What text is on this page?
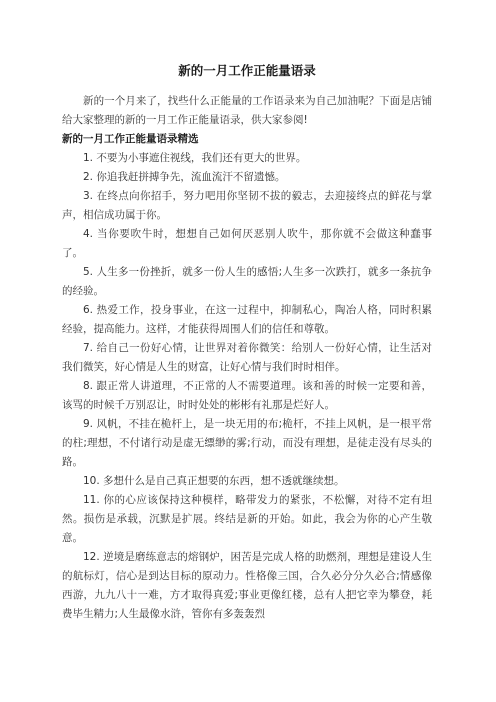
新的一月工作正能量语录

新的一个月来了，找些什么正能量的工作语录来为自己加油呢？下面是店铺给大家整理的新的一月工作正能量语录，供大家参阅!

新的一月工作正能量语录精选

1. 不要为小事遮住视线，我们还有更大的世界。

2. 你追我赶拼搏争先，流血流汗不留遗憾。

3. 在终点向你招手，努力吧用你坚韧不拔的毅志，去迎接终点的鲜花与掌声，相信成功属于你。

4. 当你要吹牛时，想想自己如何厌恶别人吹牛，那你就不会做这种蠢事了。

5. 人生多一份挫折，就多一份人生的感悟;人生多一次跌打，就多一条抗争的经验。

6. 热爱工作，投身事业，在这一过程中，抑制私心，陶冶人格，同时积累经验，提高能力。这样，才能获得周围人们的信任和尊敬。

7. 给自己一份好心情，让世界对着你微笑：给别人一份好心情，让生活对我们微笑，好心情是人生的财富，让好心情与我们时时相伴。

8. 跟正常人讲道理，不正常的人不需要道理。该和善的时候一定要和善，该骂的时候千万别忍让，时时处处的彬彬有礼那是烂好人。

9. 风帆，不挂在桅杆上，是一块无用的布;桅杆，不挂上风帆，是一根平常的柱;理想，不付诸行动是虚无缥缈的雾;行动，而没有理想，是徒走没有尽头的路。

10. 多想什么是自己真正想要的东西，想不透就继续想。

11. 你的心应该保持这种模样，略带发力的紧张，不松懈，对待不定有坦然。损伤是承载，沉默是扩展。终结是新的开始。如此，我会为你的心产生敬意。

12. 逆境是磨练意志的熔钢炉，困苦是完成人格的助燃剂，理想是建设人生的航标灯，信心是到达目标的原动力。性格像三国，合久必分分久必合;情感像西游，九九八十一难，方才取得真爱;事业更像红楼，总有人把它幸为攀登，耗费毕生精力;人生最像水浒，管你有多轰轰烈
